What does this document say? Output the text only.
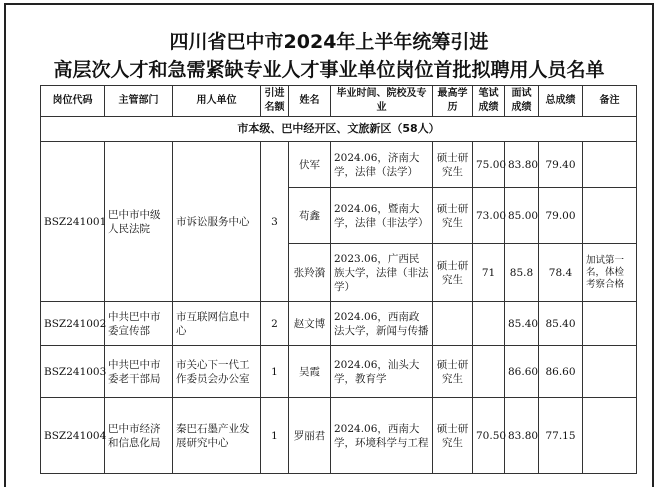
四川省巴中市2024年上半年统筹引进
高层次人才和急需紧缺专业人才事业单位岗位首批拟聘用人员名单
岗位代码	主管部门	用人单位	引进名额	姓名	毕业时间、院校及专业	最高学历	笔试成绩	面试成绩	总成绩	备注
市本级、巴中经开区、文旅新区（58人）										
BSZ241001	巴中市中级人民法院	市诉讼服务中心	3	伏军	2024.06，济南大学，法律（法学）	硕士研究生	75.00	83.80	79.40	
				苟鑫	2024.06，暨南大学，法律（非法学）	硕士研究生	73.00	85.00	79.00	
				张羚漪	2023.06，广西民族大学，法律（非法学）	硕士研究生	71	85.8	78.4	加试第一名，体检考察合格
BSZ241002	中共巴中市委宣传部	市互联网信息中心	2	赵文博	2024.06，西南政法大学，新闻与传播			85.40	85.40	
BSZ241003	中共巴中市委老干部局	市关心下一代工作委员会办公室	1	吴霞	2024.06，汕头大学，教育学	硕士研究生		86.60	86.60	
BSZ241004	巴中市经济和信息化局	秦巴石墨产业发展研究中心	1	罗丽君	2024.06，西南大学，环境科学与工程	硕士研究生	70.50	83.80	77.15	
